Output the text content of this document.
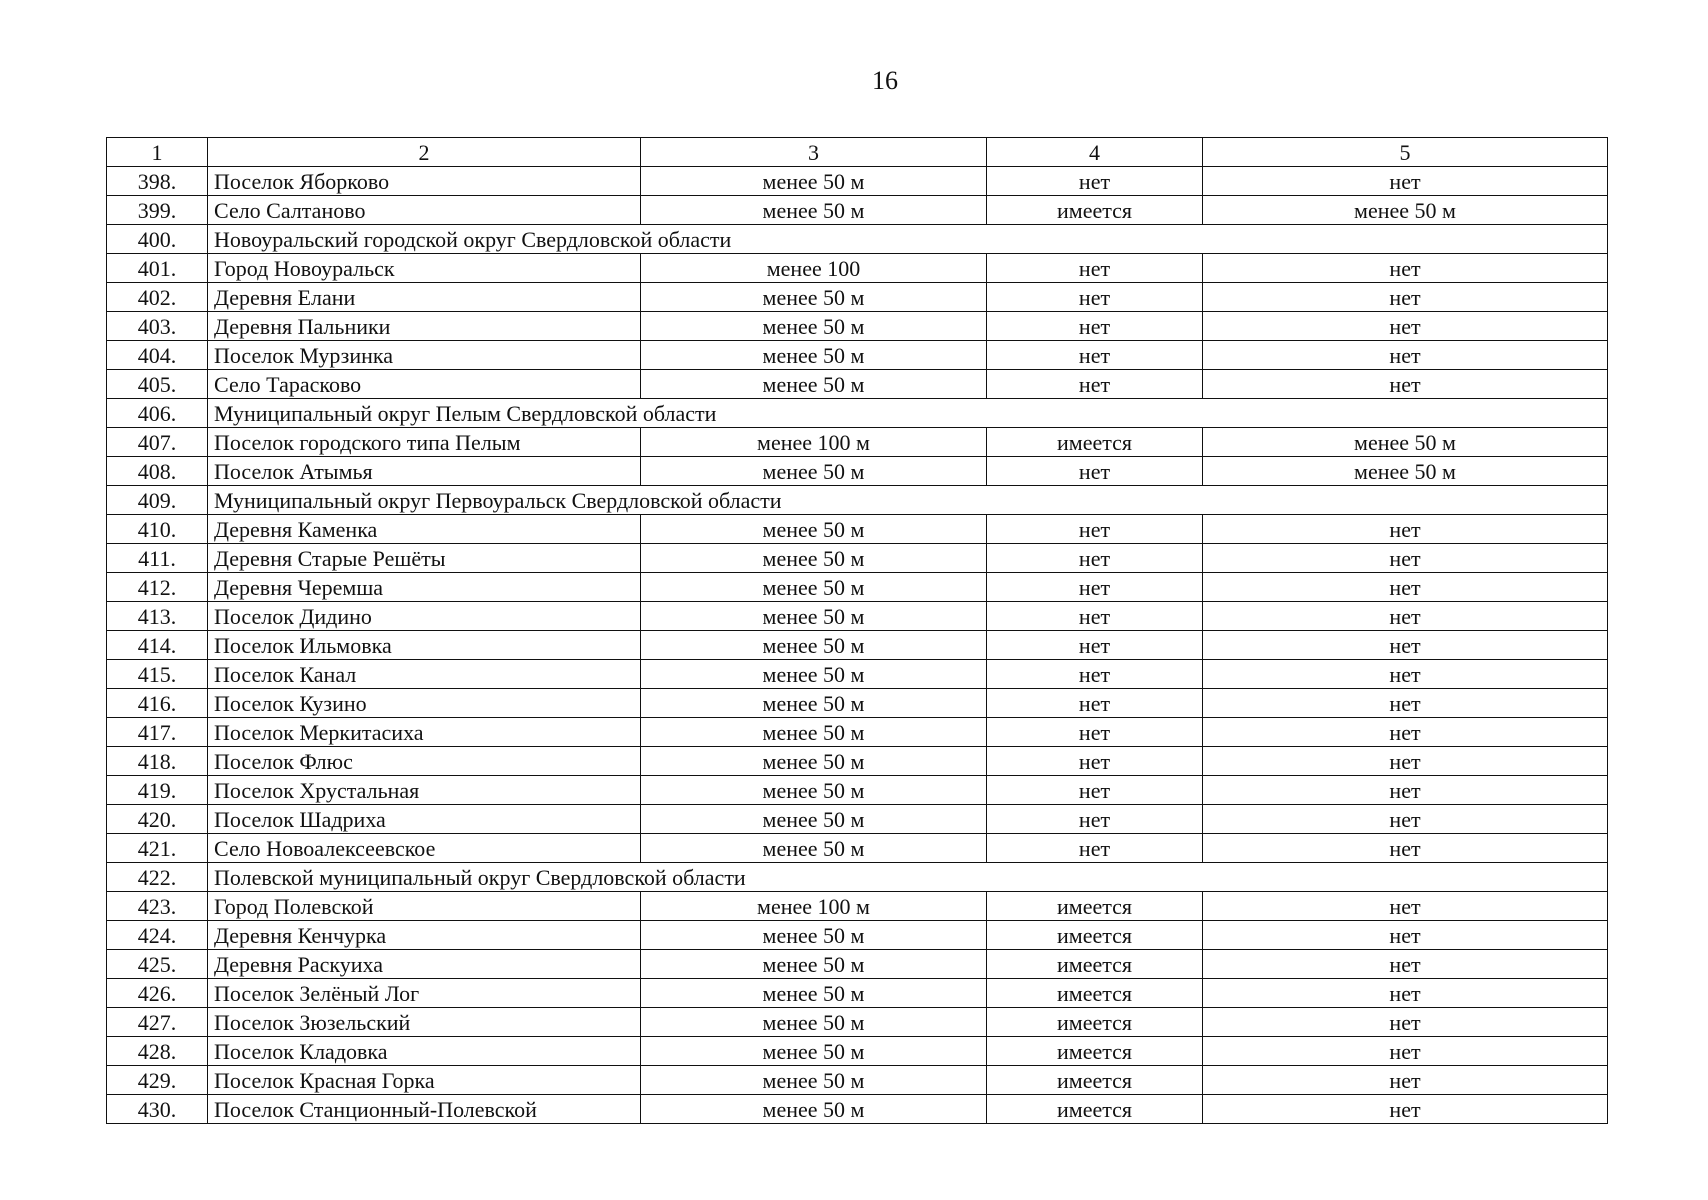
16
1	2	3	4	5
398.	Поселок Яборково	менее 50 м	нет	нет
399.	Село Салтаново	менее 50 м	имеется	менее 50 м
400.	Новоуральский городской округ Свердловской области			
401.	Город Новоуральск	менее 100	нет	нет
402.	Деревня Елани	менее 50 м	нет	нет
403.	Деревня Пальники	менее 50 м	нет	нет
404.	Поселок Мурзинка	менее 50 м	нет	нет
405.	Село Тарасково	менее 50 м	нет	нет
406.	Муниципальный округ Пелым Свердловской области			
407.	Поселок городского типа Пелым	менее 100 м	имеется	менее 50 м
408.	Поселок Атымья	менее 50 м	нет	менее 50 м
409.	Муниципальный округ Первоуральск Свердловской области			
410.	Деревня Каменка	менее 50 м	нет	нет
411.	Деревня Старые Решёты	менее 50 м	нет	нет
412.	Деревня Черемша	менее 50 м	нет	нет
413.	Поселок Дидино	менее 50 м	нет	нет
414.	Поселок Ильмовка	менее 50 м	нет	нет
415.	Поселок Канал	менее 50 м	нет	нет
416.	Поселок Кузино	менее 50 м	нет	нет
417.	Поселок Меркитасиха	менее 50 м	нет	нет
418.	Поселок Флюс	менее 50 м	нет	нет
419.	Поселок Хрустальная	менее 50 м	нет	нет
420.	Поселок Шадриха	менее 50 м	нет	нет
421.	Село Новоалексеевское	менее 50 м	нет	нет
422.	Полевской муниципальный округ Свердловской области			
423.	Город Полевской	менее 100 м	имеется	нет
424.	Деревня Кенчурка	менее 50 м	имеется	нет
425.	Деревня Раскуиха	менее 50 м	имеется	нет
426.	Поселок Зелёный Лог	менее 50 м	имеется	нет
427.	Поселок Зюзельский	менее 50 м	имеется	нет
428.	Поселок Кладовка	менее 50 м	имеется	нет
429.	Поселок Красная Горка	менее 50 м	имеется	нет
430.	Поселок Станционный-Полевской	менее 50 м	имеется	нет
